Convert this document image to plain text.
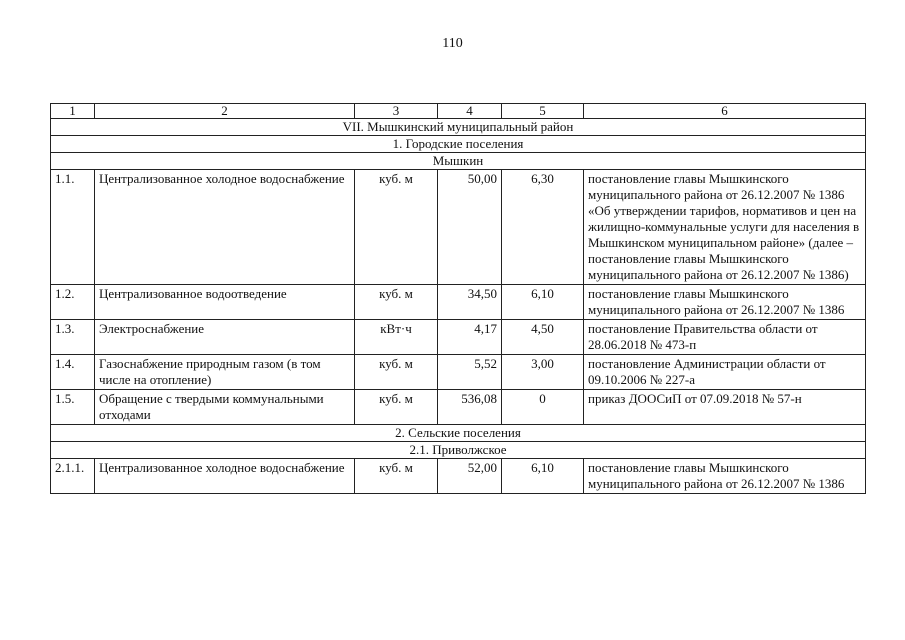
110
1	2	3	4	5	6
VII. Мышкинский муниципальный район					
1. Городские поселения					
Мышкин					
1.1.	Централизованное холодное водоснабжение	куб. м	50,00	6,30	постановление главы Мышкинского муниципального района от 26.12.2007 № 1386 «Об утверждении тарифов, нормативов и цен на жилищно-коммунальные услуги для населения в Мышкинском муниципальном районе» (далее – постановление главы Мышкинского муниципального района от 26.12.2007 № 1386)
1.2.	Централизованное водоотведение	куб. м	34,50	6,10	постановление главы Мышкинского муниципального района от 26.12.2007 № 1386
1.3.	Электроснабжение	кВт·ч	4,17	4,50	постановление Правительства области от 28.06.2018 № 473-п
1.4.	Газоснабжение природным газом (в том числе на отопление)	куб. м	5,52	3,00	постановление Администрации области от 09.10.2006 № 227-а
1.5.	Обращение с твердыми коммунальными отходами	куб. м	536,08	0	приказ ДООСиП от 07.09.2018 № 57-н
2. Сельские поселения					
2.1. Приволжское					
2.1.1.	Централизованное холодное водоснабжение	куб. м	52,00	6,10	постановление главы Мышкинского муниципального района от 26.12.2007 № 1386
